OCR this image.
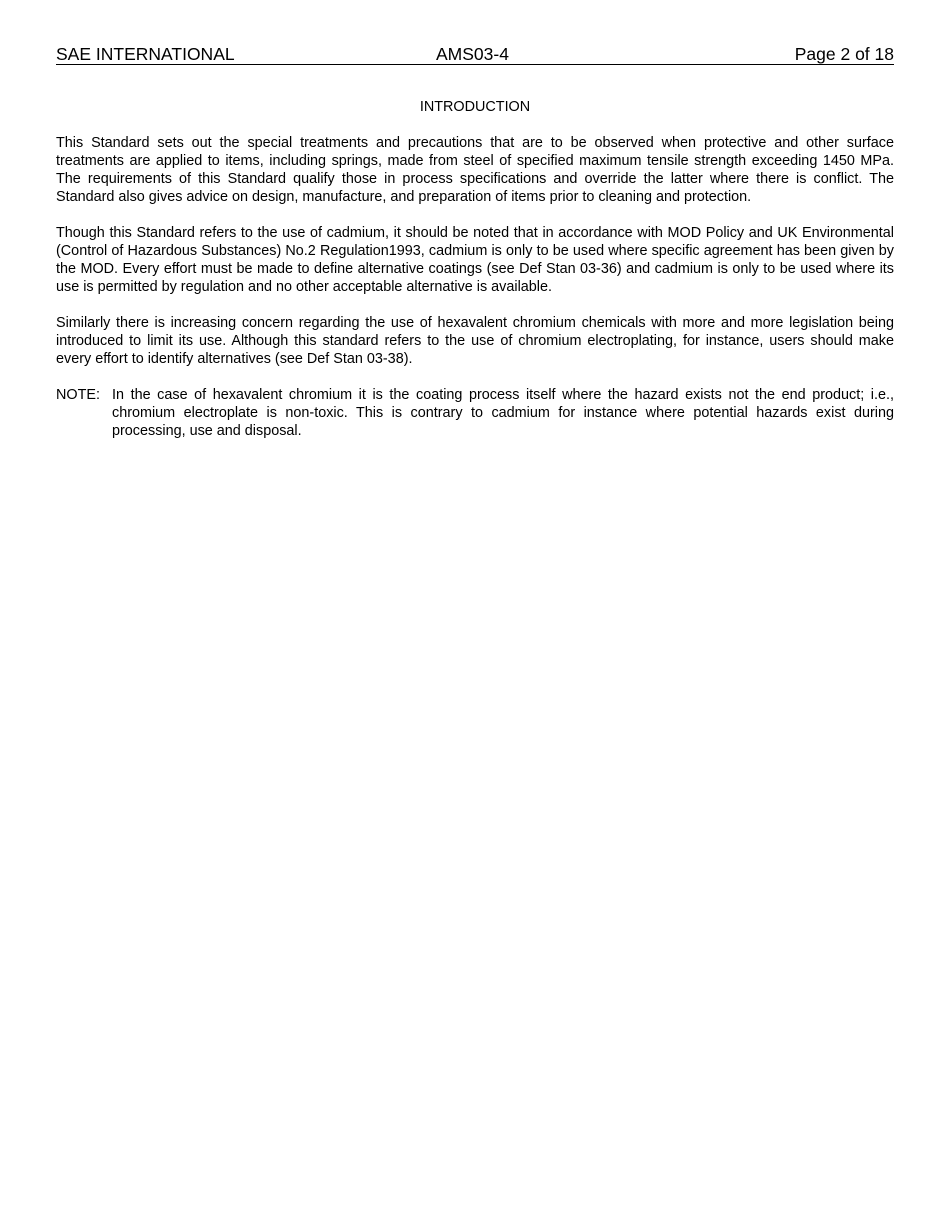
SAE INTERNATIONAL	AMS03-4	Page 2 of 18
INTRODUCTION

This Standard sets out the special treatments and precautions that are to be observed when protective and other surface treatments are applied to items, including springs, made from steel of specified maximum tensile strength exceeding 1450 MPa. The requirements of this Standard qualify those in process specifications and override the latter where there is conflict. The Standard also gives advice on design, manufacture, and preparation of items prior to cleaning and protection.

Though this Standard refers to the use of cadmium, it should be noted that in accordance with MOD Policy and UK Environmental (Control of Hazardous Substances) No.2 Regulation1993, cadmium is only to be used where specific agreement has been given by the MOD. Every effort must be made to define alternative coatings (see Def Stan 03-36) and cadmium is only to be used where its use is permitted by regulation and no other acceptable alternative is available.

Similarly there is increasing concern regarding the use of hexavalent chromium chemicals with more and more legislation being introduced to limit its use. Although this standard refers to the use of chromium electroplating, for instance, users should make every effort to identify alternatives (see Def Stan 03-38).

NOTE: In the case of hexavalent chromium it is the coating process itself where the hazard exists not the end product; i.e., chromium electroplate is non-toxic. This is contrary to cadmium for instance where potential hazards exist during processing, use and disposal.
